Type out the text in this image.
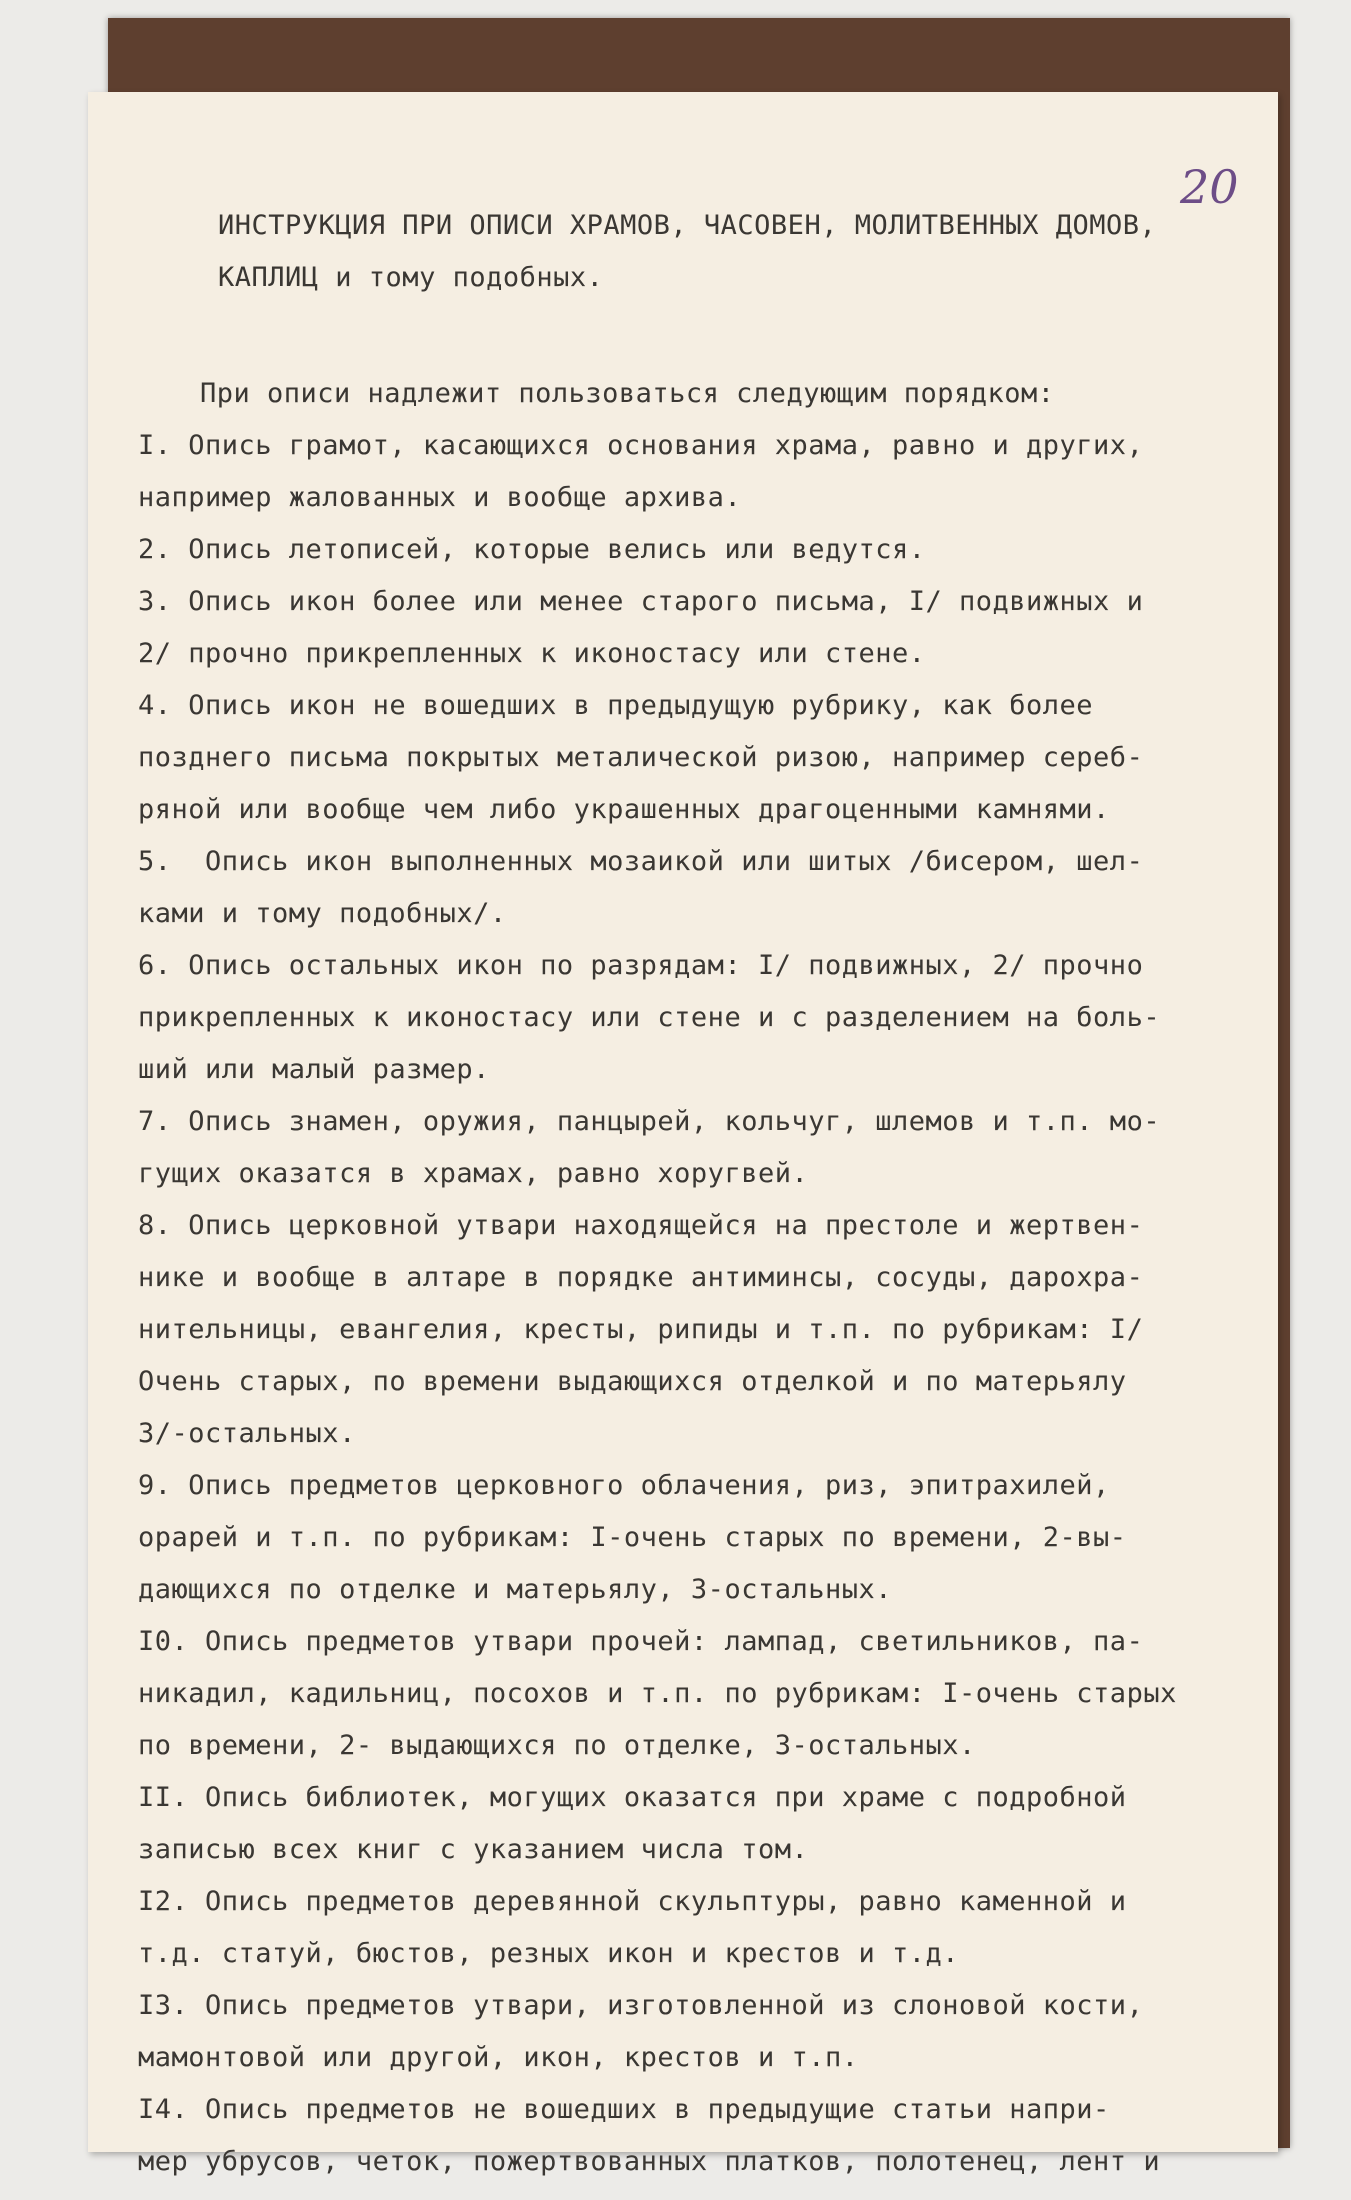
20
ИНСТРУКЦИЯ ПРИ ОПИСИ ХРАМОВ, ЧАСОВЕН, МОЛИТВЕННЫХ ДОМОВ,
КАПЛИЦ и тому подобных.
При описи надлежит пользоваться следующим порядком:
I. Опись грамот, касающихся основания храма, равно и других,
например жалованных и вообще архива.
2. Опись летописей, которые велись или ведутся.
3. Опись икон более или менее старого письма, I/ подвижных и
2/ прочно прикрепленных к иконостасу или стене.
4. Опись икон не вошедших в предыдущую рубрику, как более
позднего письма покрытых металической ризою, например сереб-
ряной или вообще чем либо украшенных драгоценными камнями.
5.  Опись икон выполненных мозаикой или шитых /бисером, шел-
ками и тому подобных/.
6. Опись остальных икон по разрядам: I/ подвижных, 2/ прочно
прикрепленных к иконостасу или стене и с разделением на боль-
ший или малый размер.
7. Опись знамен, оружия, панцырей, кольчуг, шлемов и т.п. мо-
гущих оказатся в храмах, равно хоругвей.
8. Опись церковной утвари находящейся на престоле и жертвен-
нике и вообще в алтаре в порядке антиминсы, сосуды, дарохра-
нительницы, евангелия, кресты, рипиды и т.п. по рубрикам: I/
Очень старых, по времени выдающихся отделкой и по матерьялу
3/-остальных.
9. Опись предметов церковного облачения, риз, эпитрахилей,
орарей и т.п. по рубрикам: I-очень старых по времени, 2-вы-
дающихся по отделке и матерьялу, 3-остальных.
I0. Опись предметов утвари прочей: лампад, светильников, па-
никадил, кадильниц, посохов и т.п. по рубрикам: I-очень старых
по времени, 2- выдающихся по отделке, 3-остальных.
II. Опись библиотек, могущих оказатся при храме с подробной
записью всех книг с указанием числа том.
I2. Опись предметов деревянной скульптуры, равно каменной и
т.д. статуй, бюстов, резных икон и крестов и т.д.
I3. Опись предметов утвари, изготовленной из слоновой кости,
мамонтовой или другой, икон, крестов и т.п.
I4. Опись предметов не вошедших в предыдущие статьи напри-
мер убрусов, четок, пожертвованных платков, полотенец, лент и
